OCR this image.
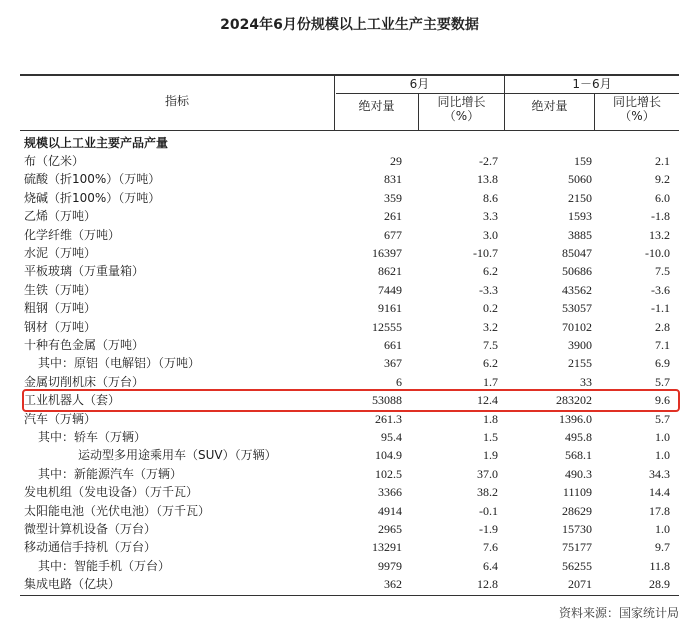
2024年6月份规模以上工业生产主要数据
指标
6月	1－6月
绝对量	同比增长
（%）
绝对量	同比增长
（%）
规模以上工业主要产品产量
布（亿米）	29	-2.7	159	2.1
硫酸（折100%）（万吨）	831	13.8	5060	9.2
烧碱（折100%）（万吨）	359	8.6	2150	6.0
乙烯（万吨）	261	3.3	1593	-1.8
化学纤维（万吨）	677	3.0	3885	13.2
水泥（万吨）	16397	-10.7	85047	-10.0
平板玻璃（万重量箱）	8621	6.2	50686	7.5
生铁（万吨）	7449	-3.3	43562	-3.6
粗钢（万吨）	9161	0.2	53057	-1.1
钢材（万吨）	12555	3.2	70102	2.8
十种有色金属（万吨）	661	7.5	3900	7.1
其中：原铝（电解铝）（万吨）	367	6.2	2155	6.9
金属切削机床（万台）	6	1.7	33	5.7
工业机器人（套）	53088	12.4	283202	9.6
汽车（万辆）	261.3	1.8	1396.0	5.7
其中：轿车（万辆）	95.4	1.5	495.8	1.0
运动型多用途乘用车（SUV）（万辆）	104.9	1.9	568.1	1.0
其中：新能源汽车（万辆）	102.5	37.0	490.3	34.3
发电机组（发电设备）（万千瓦）	3366	38.2	11109	14.4
太阳能电池（光伏电池）（万千瓦）	4914	-0.1	28629	17.8
微型计算机设备（万台）	2965	-1.9	15730	1.0
移动通信手持机（万台）	13291	7.6	75177	9.7
其中：智能手机（万台）	9979	6.4	56255	11.8
集成电路（亿块）	362	12.8	2071	28.9
资料来源：国家统计局
